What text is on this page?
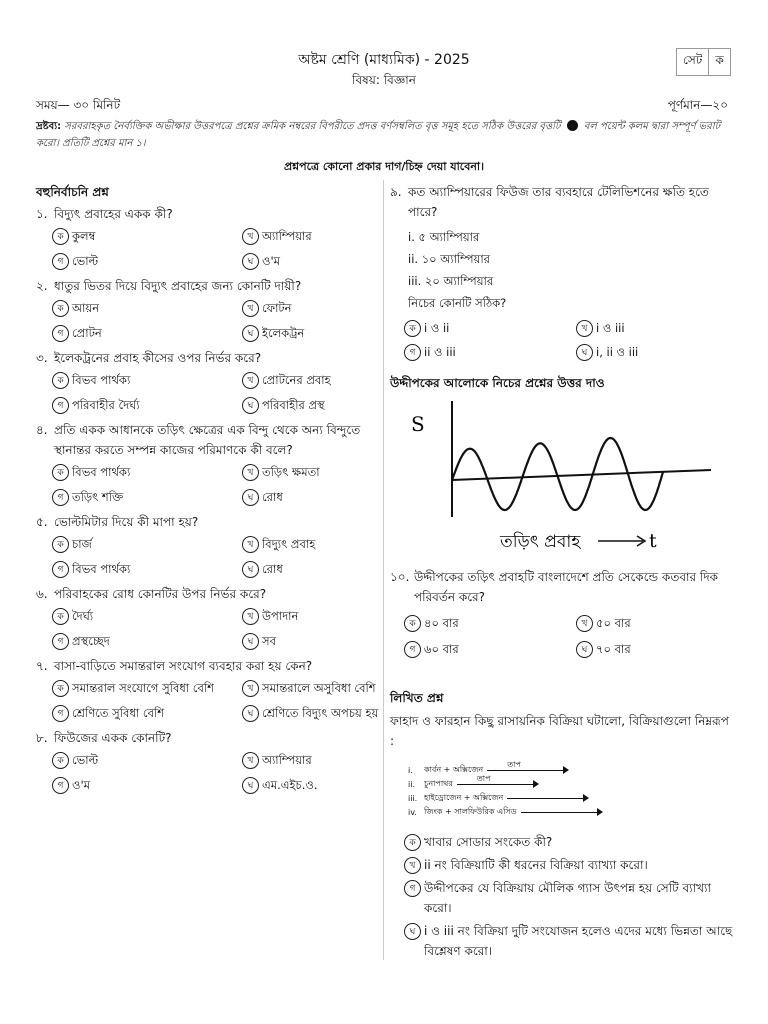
অষ্টম শ্রেণি (মাধ্যমিক) - 2025
বিষয়: বিজ্ঞান
সেট	ক
সময়— ৩০ মিনিট	পূর্ণমান—২০
দ্রষ্টব্য: সরবরাহকৃত নৈর্ব্যক্তিক অভীক্ষার উত্তরপত্রে প্রশ্নের ক্রমিক নম্বরের বিপরীতে প্রদত্ত বর্ণসম্বলিত বৃত্ত সমূহ হতে সঠিক উত্তরের বৃত্তটি বল পয়েন্ট কলম দ্বারা সম্পূর্ণ ভরাট করো। প্রতিটি প্রশ্নের মান ১।
প্রশ্নপত্রে কোনো প্রকার দাগ/চিহ্ন দেয়া যাবেনা।
বহুনির্বাচনি প্রশ্ন
১. বিদ্যুৎ প্রবাহের একক কী?
ক কুলম্ব	খ অ্যাম্পিয়ার
গ ভোল্ট	ঘ ও'ম
২. ধাতুর ভিতর দিয়ে বিদ্যুৎ প্রবাহের জন্য কোনটি দায়ী?
ক আয়ন	খ ফোটন
গ প্রোটন	ঘ ইলেকট্রন
৩. ইলেকট্রনের প্রবাহ কীসের ওপর নির্ভর করে?
ক বিভব পার্থক্য	খ প্রোটনের প্রবাহ
গ পরিবাহীর দৈর্ঘ্য	ঘ পরিবাহীর প্রস্থ
৪. প্রতি একক আধানকে তড়িৎ ক্ষেত্রের এক বিন্দু থেকে অন্য বিন্দুতে স্থানান্তর করতে সম্পন্ন কাজের পরিমাণকে কী বলে?
ক বিভব পার্থক্য	খ তড়িৎ ক্ষমতা
গ তড়িৎ শক্তি	ঘ রোধ
৫. ভোল্টমিটার দিয়ে কী মাপা হয়?
ক চার্জ	খ বিদ্যুৎ প্রবাহ
গ বিভব পার্থক্য	ঘ রোধ
৬. পরিবাহকের রোধ কোনটির উপর নির্ভর করে?
ক দৈর্ঘ্য	খ উপাদান
গ প্রস্থচ্ছেদ	ঘ সব
৭. বাসা-বাড়িতে সমান্তরাল সংযোগ ব্যবহার করা হয় কেন?
ক সমান্তরাল সংযোগে সুবিধা বেশি	খ সমান্তরালে অসুবিধা বেশি
গ শ্রেণিতে সুবিধা বেশি	ঘ শ্রেণিতে বিদ্যুৎ অপচয় হয়
৮. ফিউজের একক কোনটি?
ক ভোল্ট	খ অ্যাম্পিয়ার
গ ও'ম	ঘ এম.এইচ.ও.
৯. কত অ্যাম্পিয়ারের ফিউজ তার ব্যবহারে টেলিভিশনের ক্ষতি হতে পারে?
i. ৫ অ্যাম্পিয়ার
ii. ১০ অ্যাম্পিয়ার
iii. ২০ অ্যাম্পিয়ার
নিচের কোনটি সঠিক?
ক i ও ii	খ i ও iii
গ ii ও iii	ঘ i, ii ও iii
উদ্দীপকের আলোকে নিচের প্রশ্নের উত্তর দাও
S
তড়িৎ প্রবাহ	t
১০. উদ্দীপকের তড়িৎ প্রবাহটি বাংলাদেশে প্রতি সেকেন্ডে কতবার দিক পরিবর্তন করে?
ক ৪০ বার	খ ৫০ বার
গ ৬০ বার	ঘ ৭০ বার
লিখিত প্রশ্ন
ফাহাদ ও ফারহান কিছু রাসায়নিক বিক্রিয়া ঘটালো, বিক্রিয়াগুলো নিম্নরূপ
:
i.	কার্বন + অক্সিজেন
তাপ
ii.	চুনাপাথর
তাপ
iii. হাইড্রোজেন + অক্সিজেন
iv. জিংক + সালফিউরিক এসিড
ক খাবার সোডার সংকেত কী?
খ ii নং বিক্রিয়াটি কী ধরনের বিক্রিয়া ব্যাখ্যা করো।
গ উদ্দীপকের যে বিক্রিয়ায় মৌলিক গ্যাস উৎপন্ন হয় সেটি ব্যাখ্যা করো।
ঘ i ও iii নং বিক্রিয়া দুটি সংযোজন হলেও এদের মধ্যে ভিন্নতা আছে বিশ্লেষণ করো।
